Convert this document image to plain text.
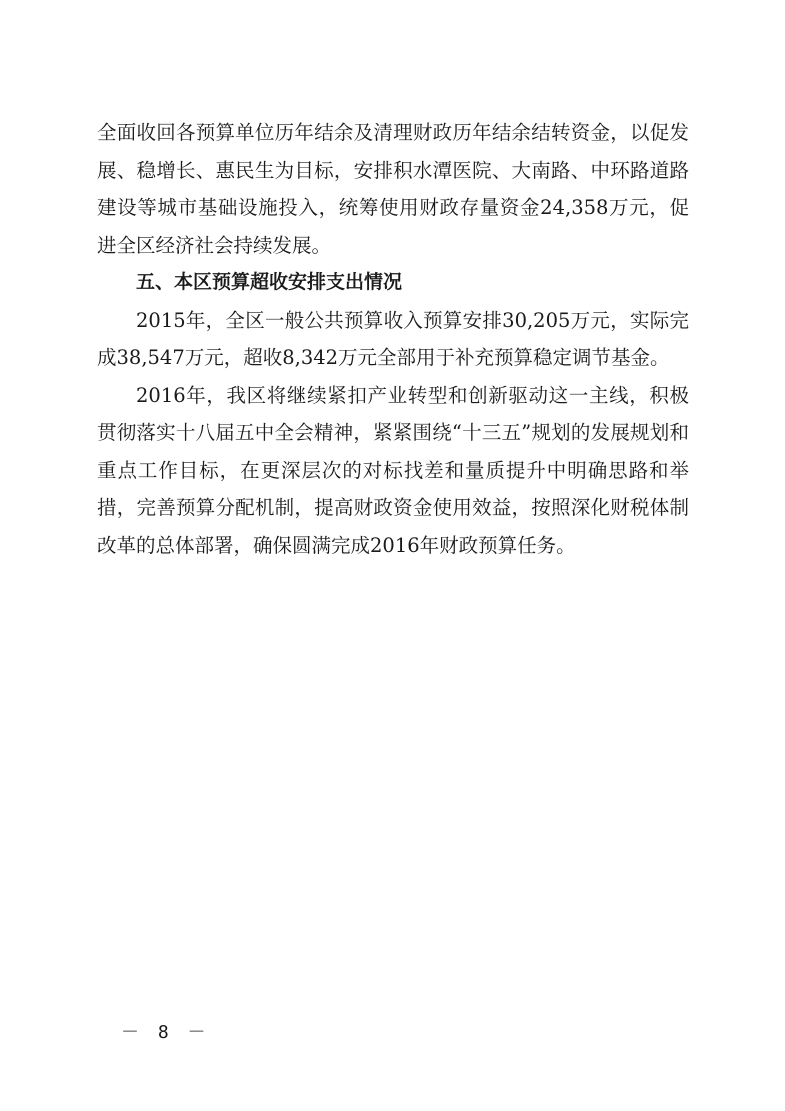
全面收回各预算单位历年结余及清理财政历年结余结转资金，以促发展、稳增长、惠民生为目标，安排积水潭医院、大南路、中环路道路建设等城市基础设施投入，统筹使用财政存量资金24,358万元，促进全区经济社会持续发展。

五、本区预算超收安排支出情况

2015年，全区一般公共预算收入预算安排30,205万元，实际完成38,547万元，超收8,342万元全部用于补充预算稳定调节基金。

2016年，我区将继续紧扣产业转型和创新驱动这一主线，积极贯彻落实十八届五中全会精神，紧紧围绕“十三五”规划的发展规划和重点工作目标，在更深层次的对标找差和量质提升中明确思路和举措，完善预算分配机制，提高财政资金使用效益，按照深化财税体制改革的总体部署，确保圆满完成2016年财政预算任务。

－ 8 －
